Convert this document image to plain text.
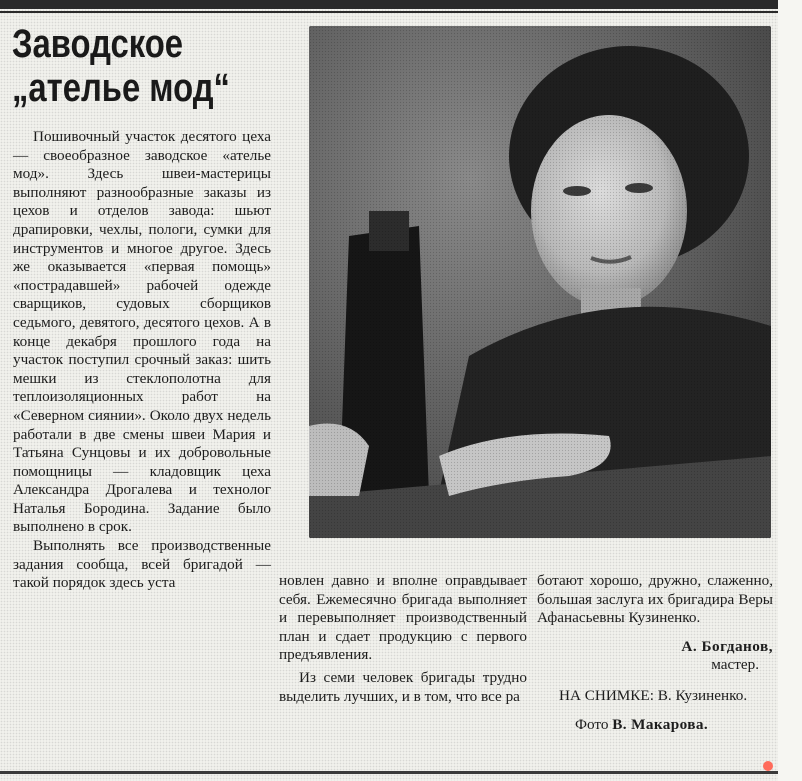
Заводское
„ателье мод“

Пошивочный участок десятого цеха — своеобразное заводское «ателье мод». Здесь швеи-мастерицы выполняют разнообразные заказы из цехов и отделов завода: шьют драпировки, чехлы, пологи, сумки для инструментов и многое другое. Здесь же оказывается «первая помощь» «пострадавшей» рабочей одежде сварщиков, судовых сборщиков седьмого, девятого, десятого цехов. А в конце декабря прошлого года на участок поступил срочный заказ: шить мешки из стеклополотна для теплоизоляционных работ на «Северном сиянии». Около двух недель работали в две смены швеи Мария и Татьяна Сунцовы и их добровольные помощницы — кладовщик цеха Александра Дрогалева и технолог Наталья Бородина. Задание было выполнено в срок.

Выполнять все производственные задания сообща, всей бригадой — такой порядок здесь уста	новлен давно и вполне оправдывает себя. Ежемесячно бригада выполняет и перевыполняет производственный план и сдает продукцию с первого предъявления.

Из семи человек бригады трудно выделить лучших, и в том, что все ра

ботают хорошо, дружно, слаженно, большая заслуга их бригадира Веры Афанасьевны Кузиненко.

А. Богданов,

мастер.

НА СНИМКЕ: В. Кузиненко.

Фото В. Макарова.
